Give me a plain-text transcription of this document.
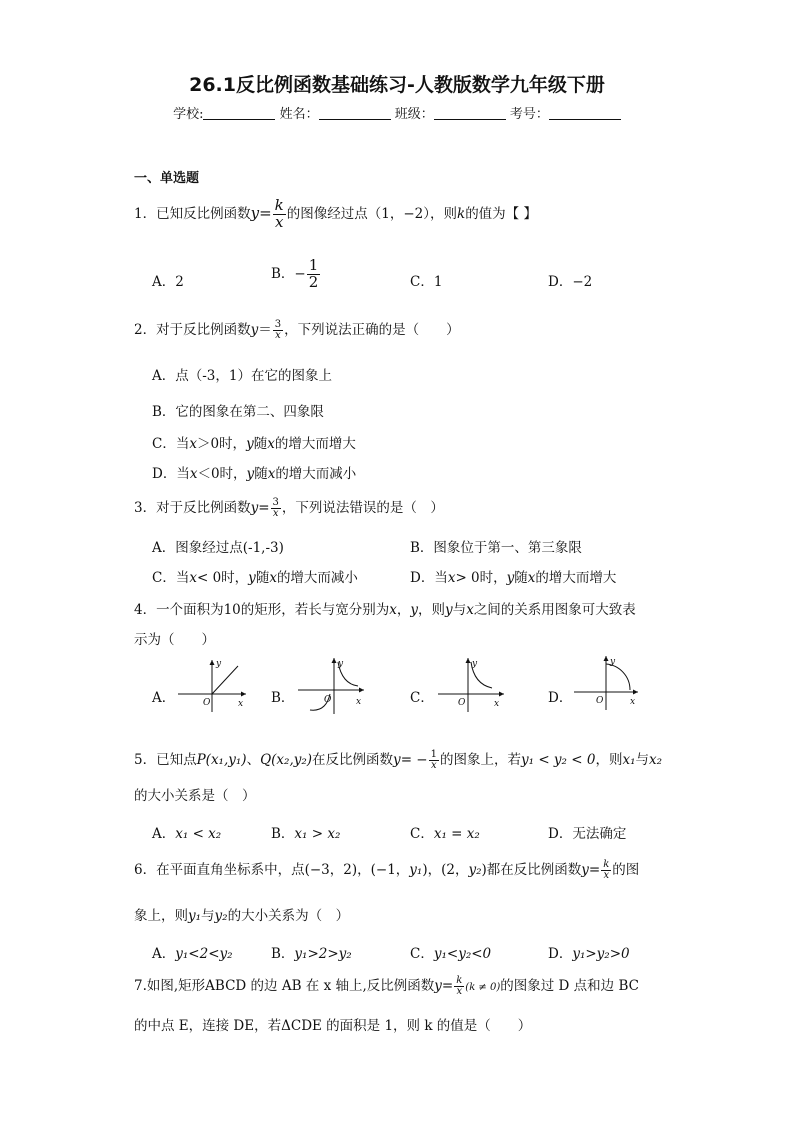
26.1反比例函数基础练习-人教版数学九年级下册
学校:	姓名：	班级：	考号：
一、单选题
1．已知反比例函数$y= \frac{k}{x}$ 的图像经过点（1，−2），则k的值为【 】
A．2
B．− $\frac{1}{2}$	C．1	D．−2
2．对于反比例函数$y= \frac{3}{x}$ ，下列说法正确的是（　　）
A．点（-3，1）在它的图象上
B．它的图象在第二、四象限
C．当x＞0时，y随x的增大而增大
D．当x＜0时，y随x的增大而减小
3．对于反比例函数$y= \frac{3}{x}$ ，下列说法错误的是（　）
A．图象经过点(-1,-3)	B．图象位于第一、第三象限
C．当x< 0时，y随x的增大而减小	D．当x> 0时，y随x的增大而增大
4．一个面积为10的矩形，若长与宽分别为x，y，则y与x之间的关系用图象可大致表
示为（　　）
A．
y
x
O	B．
y
x
O	C．
y
x
O	D．
y
x
O
5．已知点P(x₁,y₁)、Q(x₂,y₂)在反比例函数$y= - \frac{1}{x}$ 的图象上，若y₁ < y₂ < 0，则x₁与x₂
的大小关系是（　）
A．x₁ < x₂	B．x₁ > x₂	C．x₁ = x₂	D．无法确定
6．在平面直角坐标系中，点(−3，2)，(−1，y₁)，(2，y₂)都在反比例函数$y= \frac{k}{x}$ 的图
象上，则y₁与y₂的大小关系为（　）
A．y₁<2<y₂	B．y₁>2>y₂	C．y₁<y₂<0	D．y₁>y₂>0
7.如图,矩形ABCD 的边 AB 在 x 轴上,反比例函数$y= \frac{k}{x} (k \ne 0)$的图象过 D 点和边 BC
的中点 E，连接 DE，若ΔCDE 的面积是 1，则 k 的值是（　　）
